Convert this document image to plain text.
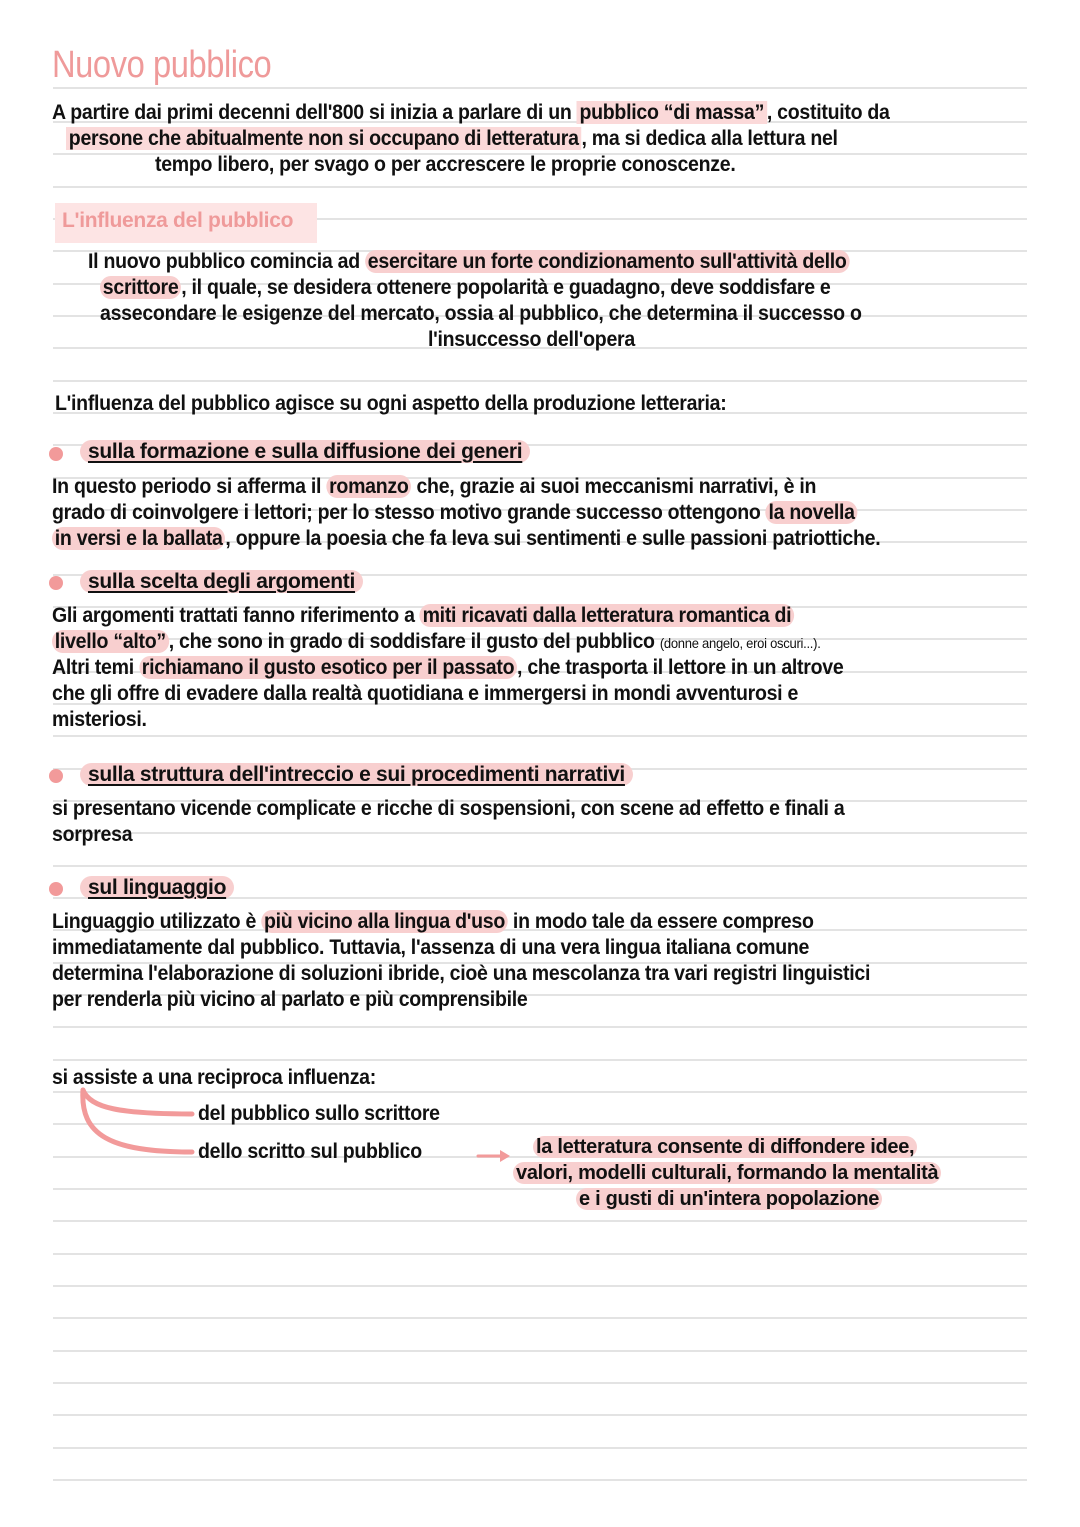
Nuovo pubblico
A partire dai primi decenni dell'800 si inizia a parlare di un pubblico “di massa” , costituito da
persone che abitualmente non si occupano di letteratura , ma si dedica alla lettura nel
tempo libero, per svago o per accrescere le proprie conoscenze.
L'influenza del pubblico
Il nuovo pubblico comincia ad esercitare un forte condizionamento sull'attività dello
scrittore , il quale, se desidera ottenere popolarità e guadagno, deve soddisfare e
assecondare le esigenze del mercato, ossia al pubblico, che determina il successo o
l'insuccesso dell'opera
L'influenza del pubblico agisce su ogni aspetto della produzione letteraria:
sulla formazione e sulla diffusione dei generi
In questo periodo si afferma il romanzo che, grazie ai suoi meccanismi narrativi, è in
grado di coinvolgere i lettori; per lo stesso motivo grande successo ottengono la novella
in versi e la ballata , oppure la poesia che fa leva sui sentimenti e sulle passioni patriottiche.
sulla scelta degli argomenti
Gli argomenti trattati fanno riferimento a miti ricavati dalla letteratura romantica di
livello “alto” , che sono in grado di soddisfare il gusto del pubblico (donne angelo, eroi oscuri...).
Altri temi richiamano il gusto esotico per il passato , che trasporta il lettore in un altrove
che gli offre di evadere dalla realtà quotidiana e immergersi in mondi avventurosi e
misteriosi.
sulla struttura dell'intreccio e sui procedimenti narrativi
si presentano vicende complicate e ricche di sospensioni, con scene ad effetto e finali a
sorpresa
sul linguaggio
Linguaggio utilizzato è più vicino alla lingua d'uso in modo tale da essere compreso
immediatamente dal pubblico. Tuttavia, l'assenza di una vera lingua italiana comune
determina l'elaborazione di soluzioni ibride, cioè una mescolanza tra vari registri linguistici
per renderla più vicino al parlato e più comprensibile
si assiste a una reciproca influenza:
del pubblico sullo scrittore
dello scritto sul pubblico	la letteratura consente di diffondere idee,
valori, modelli culturali, formando la mentalità
e i gusti di un'intera popolazione
